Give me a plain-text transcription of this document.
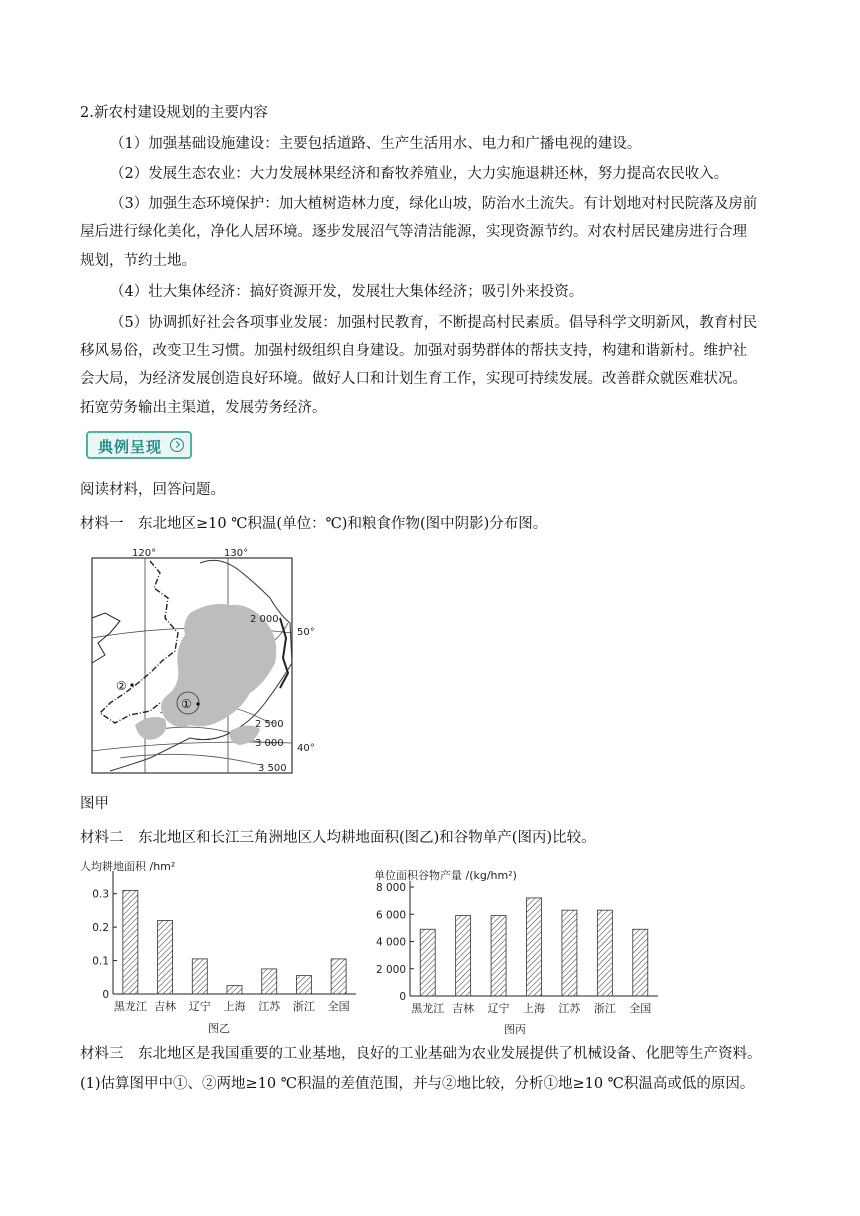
2.新农村建设规划的主要内容
（1）加强基础设施建设：主要包括道路、生产生活用水、电力和广播电视的建设。
（2）发展生态农业：大力发展林果经济和畜牧养殖业，大力实施退耕还林，努力提高农民收入。
（3）加强生态环境保护：加大植树造林力度，绿化山坡，防治水土流失。有计划地对村民院落及房前
屋后进行绿化美化，净化人居环境。逐步发展沼气等清洁能源，实现资源节约。对农村居民建房进行合理
规划，节约土地。
（4）壮大集体经济：搞好资源开发，发展壮大集体经济；吸引外来投资。
（5）协调抓好社会各项事业发展：加强村民教育，不断提高村民素质。倡导科学文明新风，教育村民
移风易俗，改变卫生习惯。加强村级组织自身建设。加强对弱势群体的帮扶支持，构建和谐新村。维护社
会大局，为经济发展创造良好环境。做好人口和计划生育工作，实现可持续发展。改善群众就医难状况。
拓宽劳务输出主渠道，发展劳务经济。
典例呈现
阅读材料，回答问题。
材料一　东北地区≥10 ℃积温(单位：℃)和粮食作物(图中阴影)分布图。
120°	130°
50°
40°
2 000
2 500
3 000
3 500
①
②
图甲
材料二　东北地区和长江三角洲地区人均耕地面积(图乙)和谷物单产(图丙)比较。
人均耕地面积 /hm²
0
0.1
0.2
0.3
黑龙江 吉林 辽宁 上海 江苏 浙江 全国
图乙
单位面积谷物产量 /(kg/hm²)
0
2 000
4 000
6 000
8 000
黑龙江 吉林 辽宁 上海 江苏 浙江 全国
图丙
材料三　东北地区是我国重要的工业基地，良好的工业基础为农业发展提供了机械设备、化肥等生产资料。
(1)估算图甲中①、②两地≥10 ℃积温的差值范围，并与②地比较，分析①地≥10 ℃积温高或低的原因。
